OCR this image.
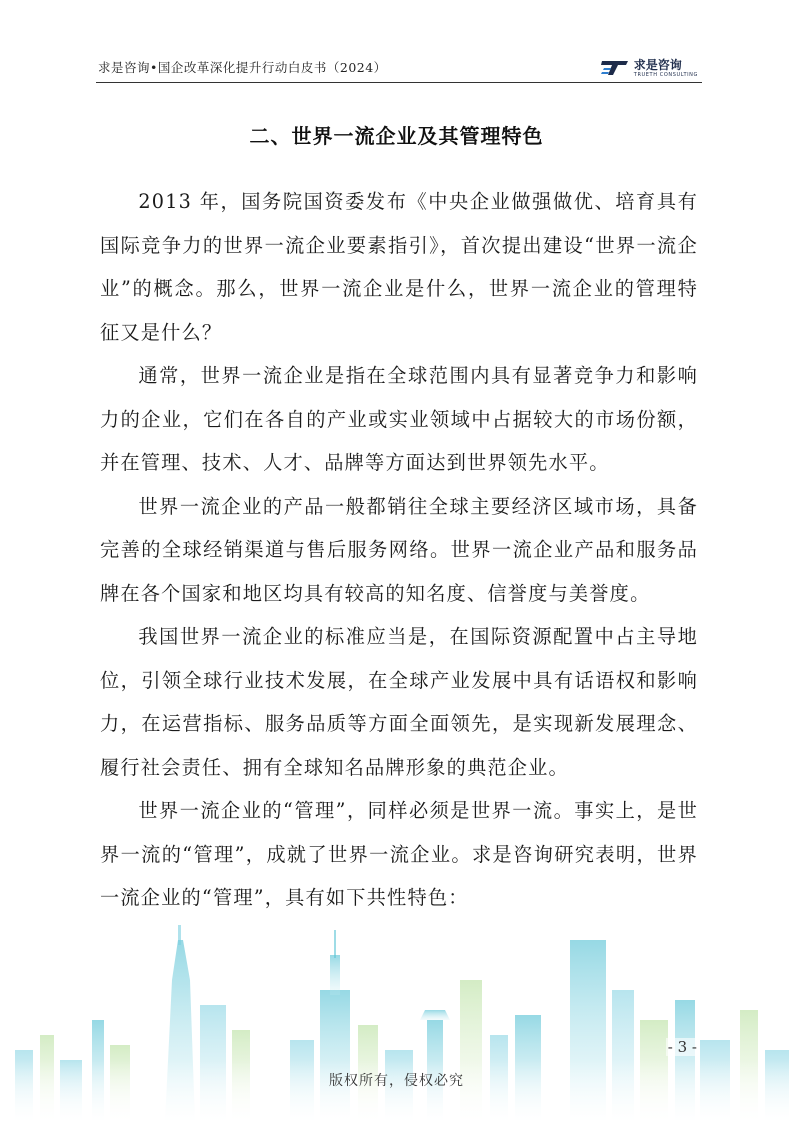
求是咨询•国企改革深化提升行动白皮书（2024）	求是咨询
TRUETH CONSULTING
二、世界一流企业及其管理特色

2013 年，国务院国资委发布《中央企业做强做优、培育具有国际竞争力的世界一流企业要素指引》，首次提出建设“世界一流企业”的概念。那么，世界一流企业是什么，世界一流企业的管理特征又是什么？

通常，世界一流企业是指在全球范围内具有显著竞争力和影响力的企业，它们在各自的产业或实业领域中占据较大的市场份额，并在管理、技术、人才、品牌等方面达到世界领先水平。

世界一流企业的产品一般都销往全球主要经济区域市场，具备完善的全球经销渠道与售后服务网络。世界一流企业产品和服务品牌在各个国家和地区均具有较高的知名度、信誉度与美誉度。

我国世界一流企业的标准应当是，在国际资源配置中占主导地位，引领全球行业技术发展，在全球产业发展中具有话语权和影响力，在运营指标、服务品质等方面全面领先，是实现新发展理念、履行社会责任、拥有全球知名品牌形象的典范企业。

世界一流企业的“管理”，同样必须是世界一流。事实上，是世界一流的“管理”，成就了世界一流企业。求是咨询研究表明，世界一流企业的“管理”，具有如下共性特色：

- 3 -
版权所有，侵权必究
